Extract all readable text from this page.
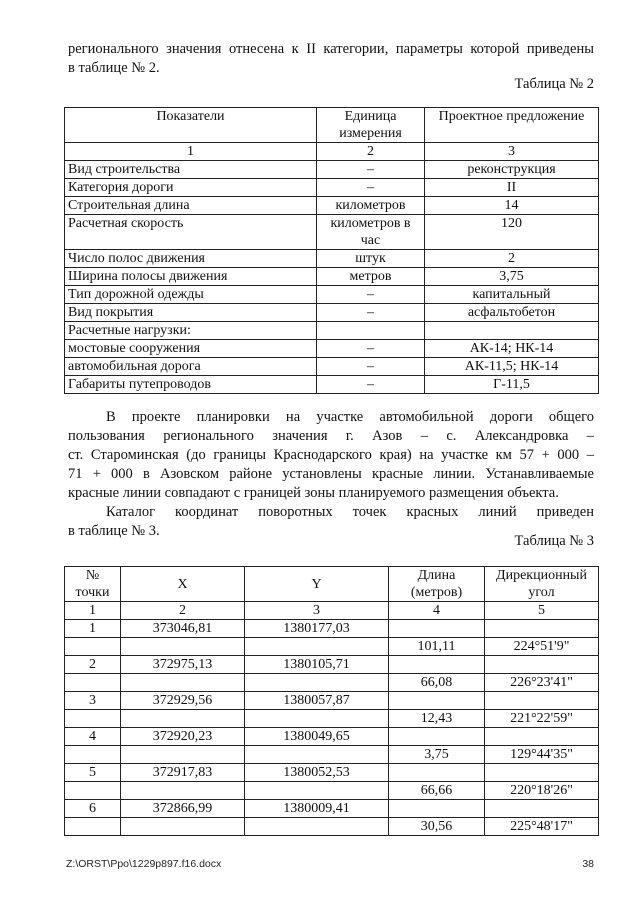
регионального значения отнесена к II категории, параметры которой приведены
в таблице № 2.
Таблица № 2
Показатели	Единица измерения	Проектное предложение
1	2	3
Вид строительства	–	реконструкция
Категория дороги	–	II
Строительная длина	километров	14
Расчетная скорость	километров в час	120
Число полос движения	штук	2
Ширина полосы движения	метров	3,75
Тип дорожной одежды	–	капитальный
Вид покрытия	–	асфальтобетон
Расчетные нагрузки:		
мостовые сооружения	–	АК-14; НК-14
автомобильная дорога	–	АК-11,5; НК-14
Габариты путепроводов	–	Г-11,5
В проекте планировки на участке автомобильной дороги общего
пользования регионального значения г. Азов – с. Александровка –
ст. Староминская (до границы Краснодарского края) на участке км 57 + 000 –
71 + 000 в Азовском районе установлены красные линии. Устанавливаемые
красные линии совпадают с границей зоны планируемого размещения объекта.
Каталог координат поворотных точек красных линий приведен
в таблице № 3.
Таблица № 3
№ точки	X	Y	Длина (метров)	Дирекционный угол
1	2	3	4	5
1	373046,81	1380177,03		
			101,11	224°51'9"
2	372975,13	1380105,71		
			66,08	226°23'41"
3	372929,56	1380057,87		
			12,43	221°22'59"
4	372920,23	1380049,65		
			3,75	129°44'35"
5	372917,83	1380052,53		
			66,66	220°18'26"
6	372866,99	1380009,41		
			30,56	225°48'17"
Z:\ORST\Ppo\1229p897.f16.docx	38
